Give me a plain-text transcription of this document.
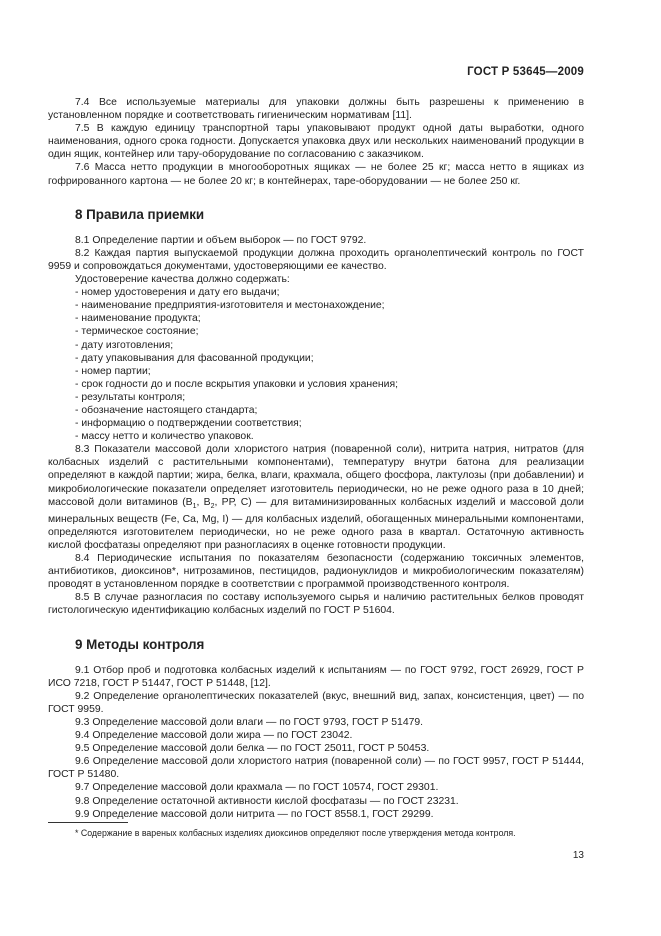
ГОСТ Р 53645—2009

7.4 Все используемые материалы для упаковки должны быть разрешены к применению в установленном порядке и соответствовать гигиеническим нормативам [11].

7.5 В каждую единицу транспортной тары упаковывают продукт одной даты выработки, одного наименования, одного срока годности. Допускается упаковка двух или нескольких наименований продукции в один ящик, контейнер или тару-оборудование по согласованию с заказчиком.

7.6 Масса нетто продукции в многооборотных ящиках — не более 25 кг; масса нетто в ящиках из гофрированного картона — не более 20 кг; в контейнерах, таре-оборудовании — не более 250 кг.

8 Правила приемки

8.1 Определение партии и объем выборок — по ГОСТ 9792.

8.2 Каждая партия выпускаемой продукции должна проходить органолептический контроль по ГОСТ 9959 и сопровождаться документами, удостоверяющими ее качество.

Удостоверение качества должно содержать:

- номер удостоверения и дату его выдачи;

- наименование предприятия-изготовителя и местонахождение;

- наименование продукта;

- термическое состояние;

- дату изготовления;

- дату упаковывания для фасованной продукции;

- номер партии;

- срок годности до и после вскрытия упаковки и условия хранения;

- результаты контроля;

- обозначение настоящего стандарта;

- информацию о подтверждении соответствия;

- массу нетто и количество упаковок.

8.3 Показатели массовой доли хлористого натрия (поваренной соли), нитрита натрия, нитратов (для колбасных изделий с растительными компонентами), температуру внутри батона для реализации определяют в каждой партии; жира, белка, влаги, крахмала, общего фосфора, лактулозы (при добавлении) и микробиологические показатели определяет изготовитель периодически, но не реже одного раза в 10 дней; массовой доли витаминов ($В_1$, $В_2$, РР, С) — для витаминизированных колбасных изделий и массовой доли минеральных веществ (Fe, Ca, Mg, I) — для колбасных изделий, обогащенных минеральными компонентами, определяются изготовителем периодически, но не реже одного раза в квартал. Остаточную активность кислой фосфатазы определяют при разногласиях в оценке готовности продукции.

8.4 Периодические испытания по показателям безопасности (содержанию токсичных элементов, антибиотиков, диоксинов*, нитрозаминов, пестицидов, радионуклидов и микробиологическим показателям) проводят в установленном порядке в соответствии с программой производственного контроля.

8.5 В случае разногласия по составу используемого сырья и наличию растительных белков проводят гистологическую идентификацию колбасных изделий по ГОСТ Р 51604.

9 Методы контроля

9.1 Отбор проб и подготовка колбасных изделий к испытаниям — по ГОСТ 9792, ГОСТ 26929, ГОСТ Р ИСО 7218, ГОСТ Р 51447, ГОСТ Р 51448, [12].

9.2 Определение органолептических показателей (вкус, внешний вид, запах, консистенция, цвет) — по ГОСТ 9959.

9.3 Определение массовой доли влаги — по ГОСТ 9793, ГОСТ Р 51479.

9.4 Определение массовой доли жира — по ГОСТ 23042.

9.5 Определение массовой доли белка — по ГОСТ 25011, ГОСТ Р 50453.

9.6 Определение массовой доли хлористого натрия (поваренной соли) — по ГОСТ 9957, ГОСТ Р 51444, ГОСТ Р 51480.

9.7 Определение массовой доли крахмала — по ГОСТ 10574, ГОСТ 29301.

9.8 Определение остаточной активности кислой фосфатазы — по ГОСТ 23231.

9.9 Определение массовой доли нитрита — по ГОСТ 8558.1, ГОСТ 29299.

* Содержание в вареных колбасных изделиях диоксинов определяют после утверждения метода контроля.
13
